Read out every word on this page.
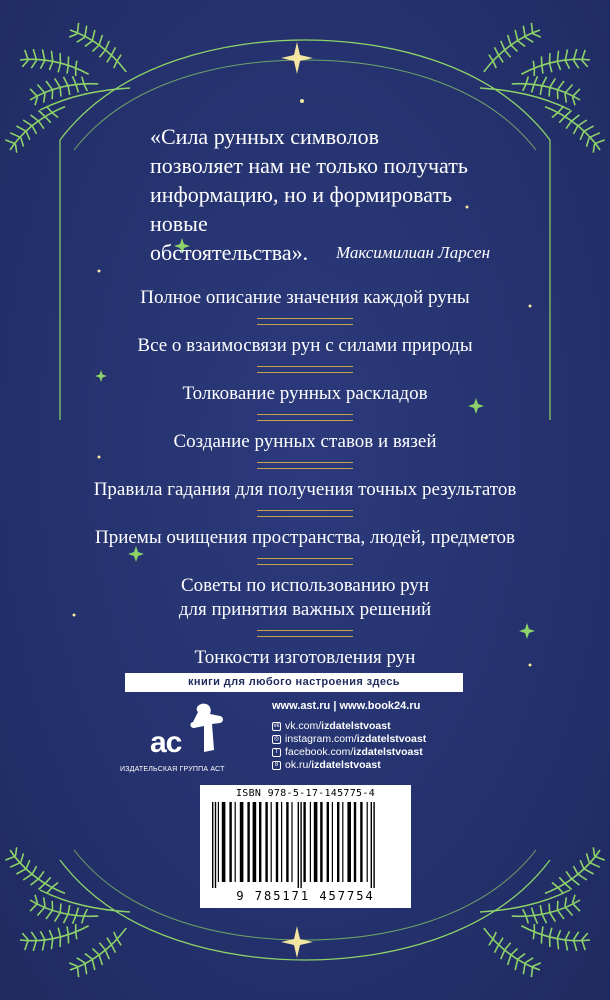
«Сила рунных символов
позволяет нам не только получать
информацию, но и формировать новые
обстоятельства».	Максимилиан Ларсен
Полное описание значения каждой руны
Все о взаимосвязи рун с силами природы
Толкование рунных раскладов
Создание рунных ставов и вязей
Правила гадания для получения точных результатов
Приемы очищения пространства, людей, предметов
Советы по использованию рун
для принятия важных решений
Тонкости изготовления рун
книги для любого настроения здесь
ac
ИЗДАТЕЛЬСКАЯ ГРУППА АСТ
www.ast.ru | www.book24.ru
vk vk.com/ izdatelstvoast
◎ instagram.com/ izdatelstvoast
f facebook.com/ izdatelstvoast
8 ok.ru/ izdatelstvoast
ISBN 978-5-17-145775-4
9 785171 457754
